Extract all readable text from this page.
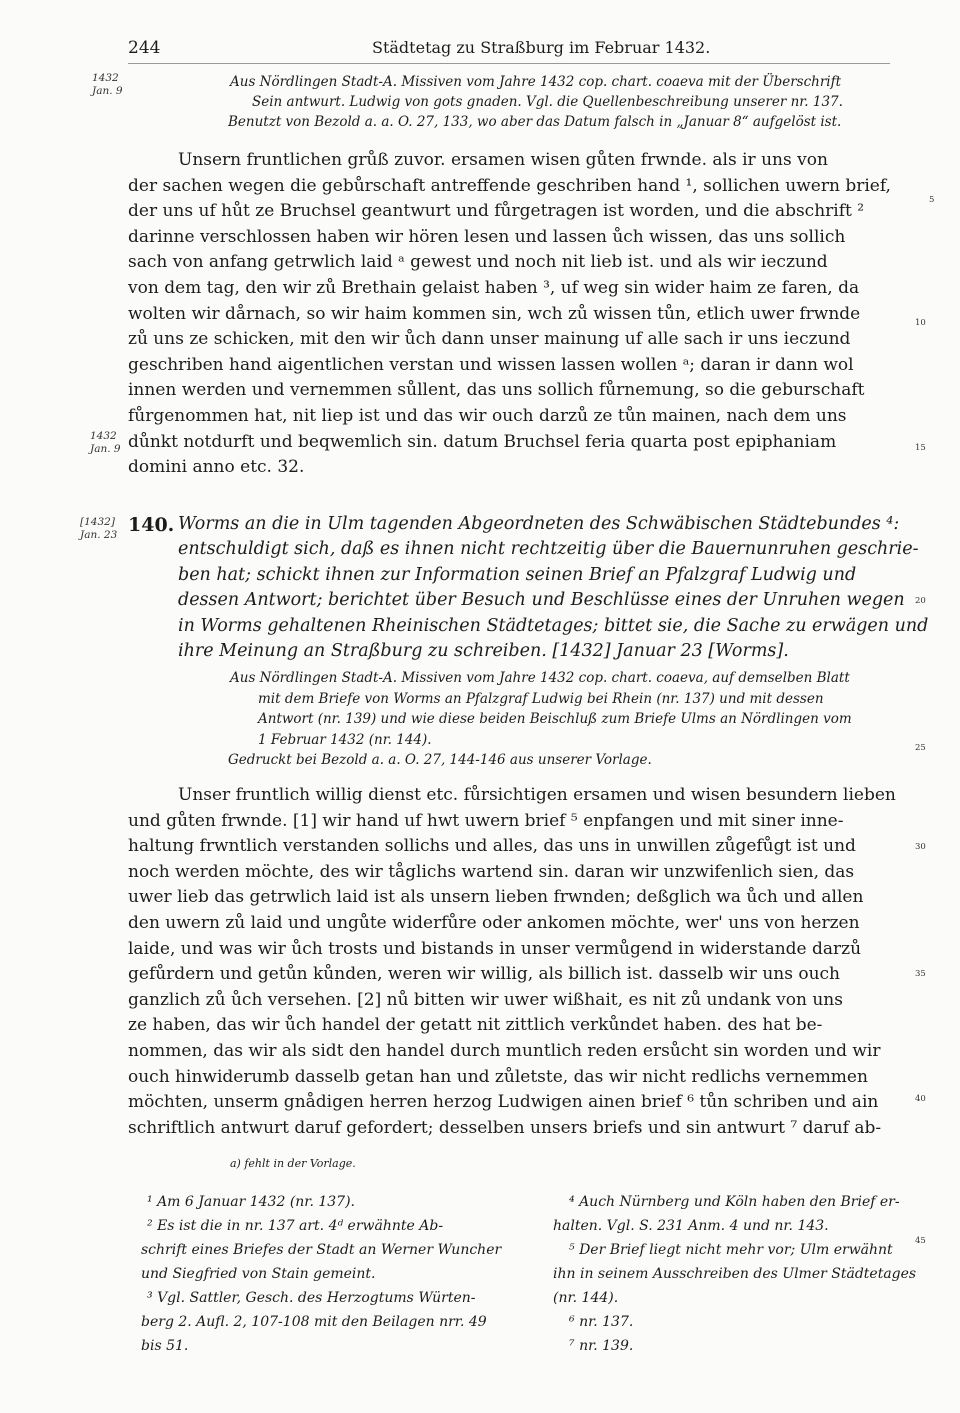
244	Städtetag zu Straßburg im Februar 1432.
1432
Jan. 9
1432
Jan. 9
[1432]
Jan. 23
Aus Nördlingen Stadt-A. Missiven vom Jahre 1432 cop. chart. coaeva mit der Überschrift
Sein antwurt. Ludwig von gots gnaden. Vgl. die Quellenbeschreibung unserer nr. 137.
Benutzt von Bezold a. a. O. 27, 133, wo aber das Datum falsch in „Januar 8“ aufgelöst ist.
Unsern fruntlichen grůß zuvor. ersamen wisen gůten frwnde. als ir uns von
der sachen wegen die gebůrschaft antreffende geschriben hand ¹, sollichen uwern brief,
der uns uf hůt ze Bruchsel geantwurt und fůrgetragen ist worden, und die abschrift ²
darinne verschlossen haben wir hören lesen und lassen ůch wissen, das uns sollich
sach von anfang getrwlich laid ᵃ gewest und noch nit lieb ist. und als wir ieczund
von dem tag, den wir zů Brethain gelaist haben ³, uf weg sin wider haim ze faren, da
wolten wir dårnach, so wir haim kommen sin, wch zů wissen tůn, etlich uwer frwnde
zů uns ze schicken, mit den wir ůch dann unser mainung uf alle sach ir uns ieczund
geschriben hand aigentlichen verstan und wissen lassen wollen ᵃ; daran ir dann wol
innen werden und vernemmen sůllent, das uns sollich fůrnemung, so die geburschaft
fůrgenommen hat, nit liep ist und das wir ouch darzů ze tůn mainen, nach dem uns
důnkt notdurft und beqwemlich sin. datum Bruchsel feria quarta post epiphaniam
domini anno etc. 32.
140. Worms an die in Ulm tagenden Abgeordneten des Schwäbischen Städtebundes ⁴:
entschuldigt sich, daß es ihnen nicht rechtzeitig über die Bauernunruhen geschrie-
ben hat; schickt ihnen zur Information seinen Brief an Pfalzgraf Ludwig und
dessen Antwort; berichtet über Besuch und Beschlüsse eines der Unruhen wegen
in Worms gehaltenen Rheinischen Städtetages; bittet sie, die Sache zu erwägen und
ihre Meinung an Straßburg zu schreiben. [1432] Januar 23 [Worms].
Aus Nördlingen Stadt-A. Missiven vom Jahre 1432 cop. chart. coaeva, auf demselben Blatt
mit dem Briefe von Worms an Pfalzgraf Ludwig bei Rhein (nr. 137) und mit dessen
Antwort (nr. 139) und wie diese beiden Beischluß zum Briefe Ulms an Nördlingen vom
1 Februar 1432 (nr. 144).
Gedruckt bei Bezold a. a. O. 27, 144-146 aus unserer Vorlage.
Unser fruntlich willig dienst etc. fůrsichtigen ersamen und wisen besundern lieben
und gůten frwnde. [1] wir hand uf hwt uwern brief ⁵ enpfangen und mit siner inne-
haltung frwntlich verstanden sollichs und alles, das uns in unwillen zůgefůgt ist und
noch werden möchte, des wir tåglichs wartend sin. daran wir unzwifenlich sien, das
uwer lieb das getrwlich laid ist als unsern lieben frwnden; deßglich wa ůch und allen
den uwern zů laid und ungůte widerfůre oder ankomen möchte, wer' uns von herzen
laide, und was wir ůch trosts und bistands in unser vermůgend in widerstande darzů
gefůrdern und getůn kůnden, weren wir willig, als billich ist. dasselb wir uns ouch
ganzlich zů ůch versehen. [2] nů bitten wir uwer wißhait, es nit zů undank von uns
ze haben, das wir ůch handel der getatt nit zittlich verkůndet haben. des hat be-
nommen, das wir als sidt den handel durch muntlich reden ersůcht sin worden und wir
ouch hinwiderumb dasselb getan han und zůletste, das wir nicht redlichs vernemmen
möchten, unserm gnådigen herren herzog Ludwigen ainen brief ⁶ tůn schriben und ain
schriftlich antwurt daruf gefordert; desselben unsers briefs und sin antwurt ⁷ daruf ab-
5
10
15
20
25
30
35
40
45
a) fehlt in der Vorlage.
¹ Am 6 Januar 1432 (nr. 137).
² Es ist die in nr. 137 art. 4ᵈ erwähnte Ab-
schrift eines Briefes der Stadt an Werner Wuncher
und Siegfried von Stain gemeint.
³ Vgl. Sattler, Gesch. des Herzogtums Würten-
berg 2. Aufl. 2, 107-108 mit den Beilagen nrr. 49
bis 51.
⁴ Auch Nürnberg und Köln haben den Brief er-
halten. Vgl. S. 231 Anm. 4 und nr. 143.
⁵ Der Brief liegt nicht mehr vor; Ulm erwähnt
ihn in seinem Ausschreiben des Ulmer Städtetages
(nr. 144).
⁶ nr. 137.
⁷ nr. 139.
